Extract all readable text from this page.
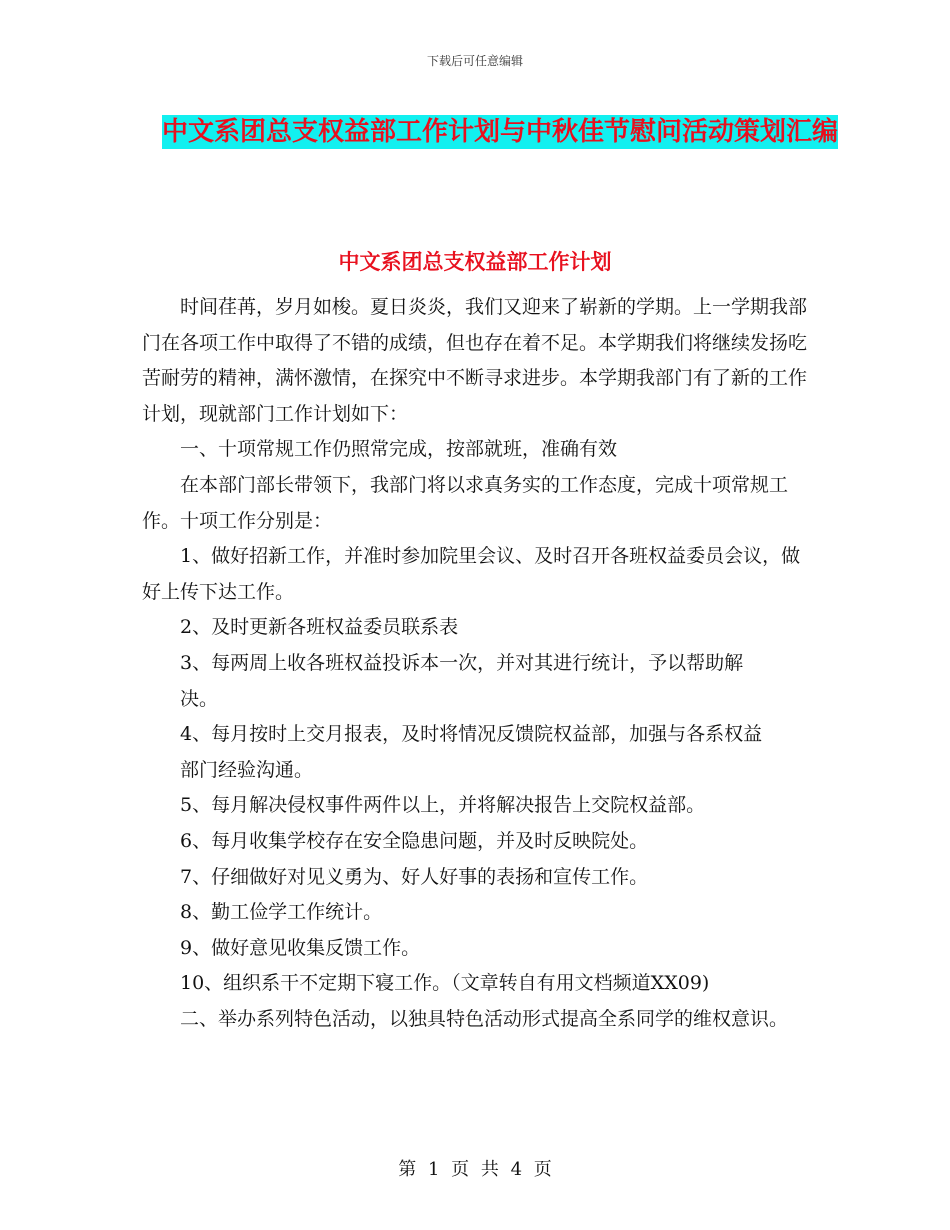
下载后可任意编辑
中文系团总支权益部工作计划与中秋佳节慰问活动策划汇编
中文系团总支权益部工作计划

时间荏苒，岁月如梭。夏日炎炎，我们又迎来了崭新的学期。上一学期我部门在各项工作中取得了不错的成绩，但也存在着不足。本学期我们将继续发扬吃苦耐劳的精神，满怀激情，在探究中不断寻求进步。本学期我部门有了新的工作计划，现就部门工作计划如下：

一、十项常规工作仍照常完成，按部就班，准确有效

在本部门部长带领下，我部门将以求真务实的工作态度，完成十项常规工作。十项工作分别是：

1、做好招新工作，并准时参加院里会议、及时召开各班权益委员会议，做好上传下达工作。

2、及时更新各班权益委员联系表

3、每两周上收各班权益投诉本一次，并对其进行统计，予以帮助解决。

4、每月按时上交月报表，及时将情况反馈院权益部，加强与各系权益部门经验沟通。

5、每月解决侵权事件两件以上，并将解决报告上交院权益部。

6、每月收集学校存在安全隐患问题，并及时反映院处。

7、仔细做好对见义勇为、好人好事的表扬和宣传工作。

8、勤工俭学工作统计。

9、做好意见收集反馈工作。

10、组织系干不定期下寝工作。（文章转自有用文档频道XX09)

二、举办系列特色活动，以独具特色活动形式提高全系同学的维权意识。

第 1 页 共 4 页
